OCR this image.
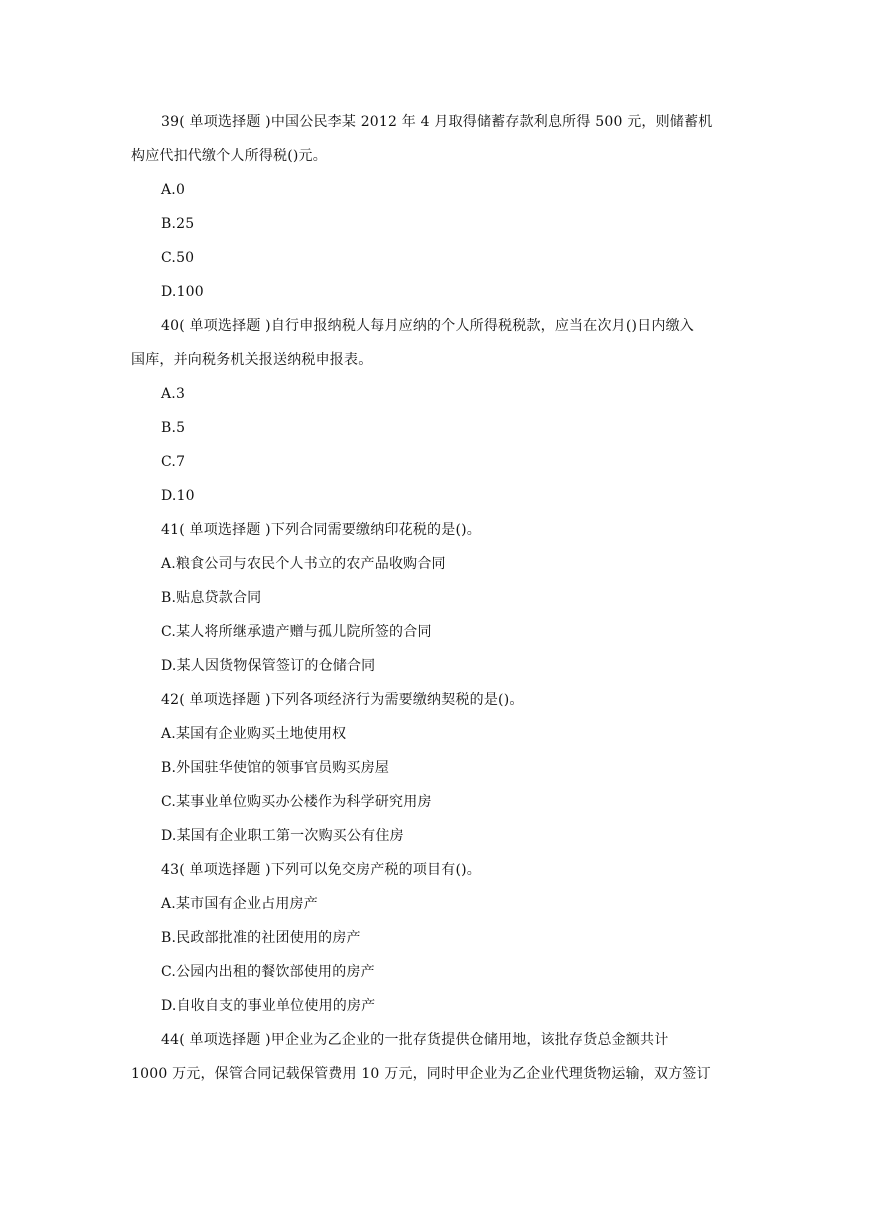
39( 单项选择题 )中国公民李某 2012 年 4 月取得储蓄存款利息所得 500 元，则储蓄机
构应代扣代缴个人所得税()元。
A.0
B.25
C.50
D.100
40( 单项选择题 )自行申报纳税人每月应纳的个人所得税税款，应当在次月()日内缴入
国库，并向税务机关报送纳税申报表。
A.3
B.5
C.7
D.10
41( 单项选择题 )下列合同需要缴纳印花税的是()。
A.粮食公司与农民个人书立的农产品收购合同
B.贴息贷款合同
C.某人将所继承遗产赠与孤儿院所签的合同
D.某人因货物保管签订的仓储合同
42( 单项选择题 )下列各项经济行为需要缴纳契税的是()。
A.某国有企业购买土地使用权
B.外国驻华使馆的领事官员购买房屋
C.某事业单位购买办公楼作为科学研究用房
D.某国有企业职工第一次购买公有住房
43( 单项选择题 )下列可以免交房产税的项目有()。
A.某市国有企业占用房产
B.民政部批准的社团使用的房产
C.公园内出租的餐饮部使用的房产
D.自收自支的事业单位使用的房产
44( 单项选择题 )甲企业为乙企业的一批存货提供仓储用地，该批存货总金额共计
1000 万元，保管合同记载保管费用 10 万元，同时甲企业为乙企业代理货物运输，双方签订
